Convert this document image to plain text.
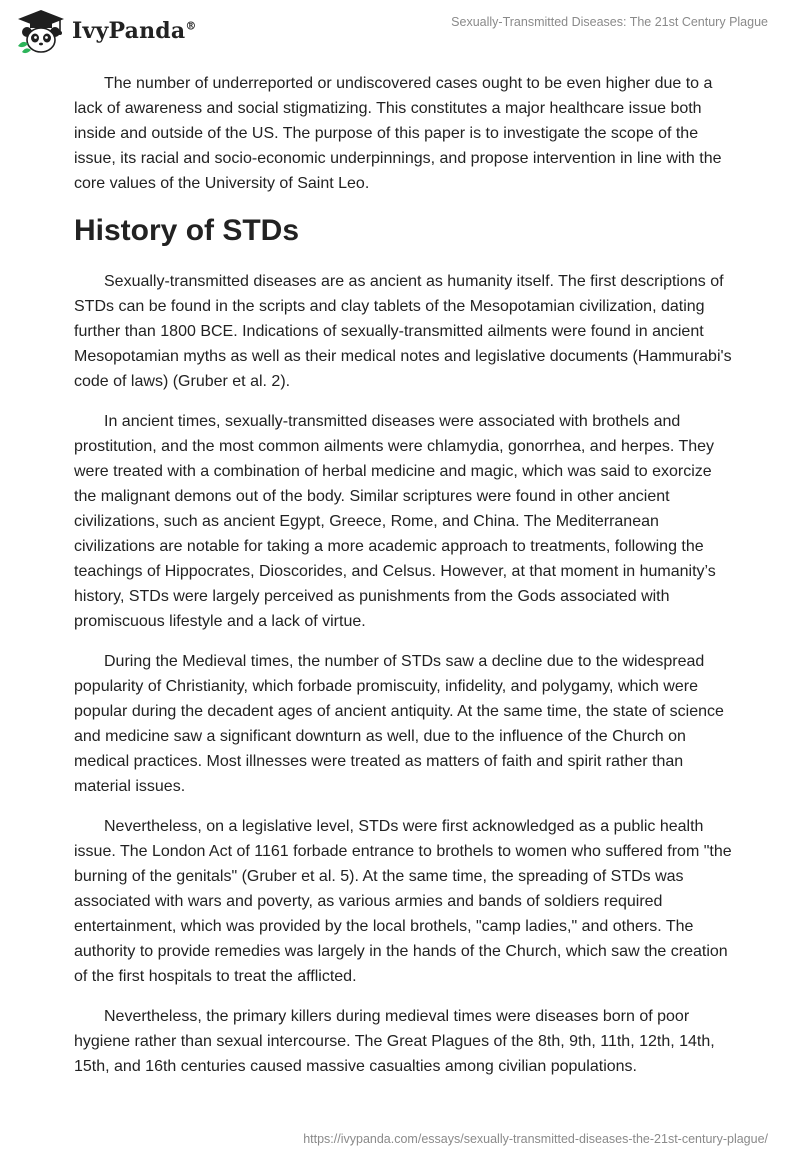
IvyPanda®	Sexually-Transmitted Diseases: The 21st Century Plague

The number of underreported or undiscovered cases ought to be even higher due to a lack of awareness and social stigmatizing. This constitutes a major healthcare issue both inside and outside of the US. The purpose of this paper is to investigate the scope of the issue, its racial and socio-economic underpinnings, and propose intervention in line with the core values of the University of Saint Leo.

History of STDs

Sexually-transmitted diseases are as ancient as humanity itself. The first descriptions of STDs can be found in the scripts and clay tablets of the Mesopotamian civilization, dating further than 1800 BCE. Indications of sexually-transmitted ailments were found in ancient Mesopotamian myths as well as their medical notes and legislative documents (Hammurabi's code of laws) (Gruber et al. 2).

In ancient times, sexually-transmitted diseases were associated with brothels and prostitution, and the most common ailments were chlamydia, gonorrhea, and herpes. They were treated with a combination of herbal medicine and magic, which was said to exorcize the malignant demons out of the body. Similar scriptures were found in other ancient civilizations, such as ancient Egypt, Greece, Rome, and China. The Mediterranean civilizations are notable for taking a more academic approach to treatments, following the teachings of Hippocrates, Dioscorides, and Celsus. However, at that moment in humanity’s history, STDs were largely perceived as punishments from the Gods associated with promiscuous lifestyle and a lack of virtue.

During the Medieval times, the number of STDs saw a decline due to the widespread popularity of Christianity, which forbade promiscuity, infidelity, and polygamy, which were popular during the decadent ages of ancient antiquity. At the same time, the state of science and medicine saw a significant downturn as well, due to the influence of the Church on medical practices. Most illnesses were treated as matters of faith and spirit rather than material issues.

Nevertheless, on a legislative level, STDs were first acknowledged as a public health issue. The London Act of 1161 forbade entrance to brothels to women who suffered from "the burning of the genitals" (Gruber et al. 5). At the same time, the spreading of STDs was associated with wars and poverty, as various armies and bands of soldiers required entertainment, which was provided by the local brothels, "camp ladies," and others. The authority to provide remedies was largely in the hands of the Church, which saw the creation of the first hospitals to treat the afflicted.

Nevertheless, the primary killers during medieval times were diseases born of poor hygiene rather than sexual intercourse. The Great Plagues of the 8th, 9th, 11th, 12th, 14th, 15th, and 16th centuries caused massive casualties among civilian populations.

https://ivypanda.com/essays/sexually-transmitted-diseases-the-21st-century-plague/
